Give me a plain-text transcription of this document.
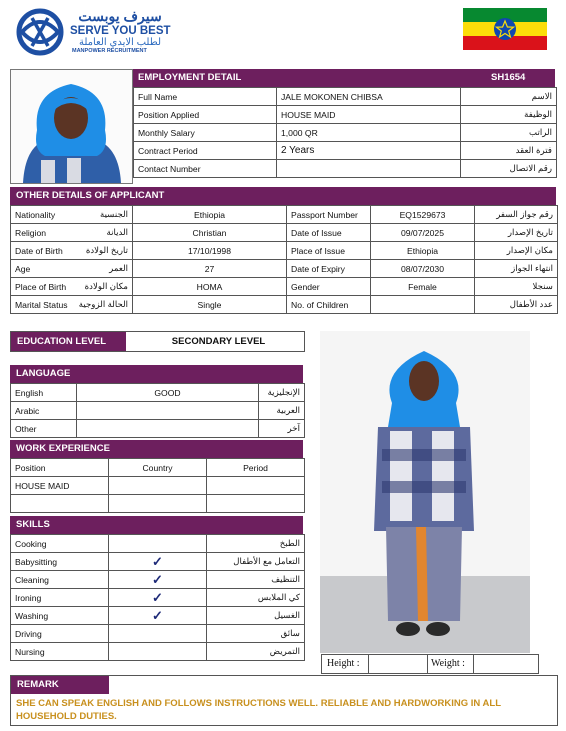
سيرف يوبست
SERVE YOU BEST
لطلب الايدي العاملة
MANPOWER RECRUITMENT
EMPLOYMENT DETAIL	SH1654
Full Name	JALE MOKONEN CHIBSA	الاسم
Position Applied	HOUSE MAID	الوظيفة
Monthly Salary	1,000 QR	الراتب
Contract Period	2 Years	فترة العقد
Contact Number		رقم الاتصال
OTHER DETAILS OF APPLICANT
Nationality	الجنسية	Ethiopia	Passport Number	EQ1529673	رقم جواز السفر
Religion	الديانة	Christian	Date of Issue	09/07/2025	تاريخ الإصدار
Date of Birth	تاريخ الولادة	17/10/1998	Place of Issue	Ethiopia	مكان الإصدار
Age	العمر	27	Date of Expiry	08/07/2030	انتهاء الجواز
Place of Birth	مكان الولادة	HOMA	Gender	Female	سنجلا
Marital Status	الحالة الزوجية	Single	No. of Children		عدد الأطفال
EDUCATION LEVEL	SECONDARY LEVEL
LANGUAGE
English	GOOD	الإنجليزية
Arabic		العربية
Other		آخر
WORK EXPERIENCE
Position	Country	Period
HOUSE MAID		

SKILLS
Cooking		الطبخ
Babysitting	✓	التعامل مع الأطفال
Cleaning	✓	التنظيف
Ironing	✓	كي الملابس
Washing	✓	الغسيل
Driving		سائق
Nursing		التمريض
Height :	Weight :
REMARK
SHE CAN SPEAK ENGLISH AND FOLLOWS INSTRUCTIONS WELL. RELIABLE AND HARDWORKING IN ALL HOUSEHOLD DUTIES.
